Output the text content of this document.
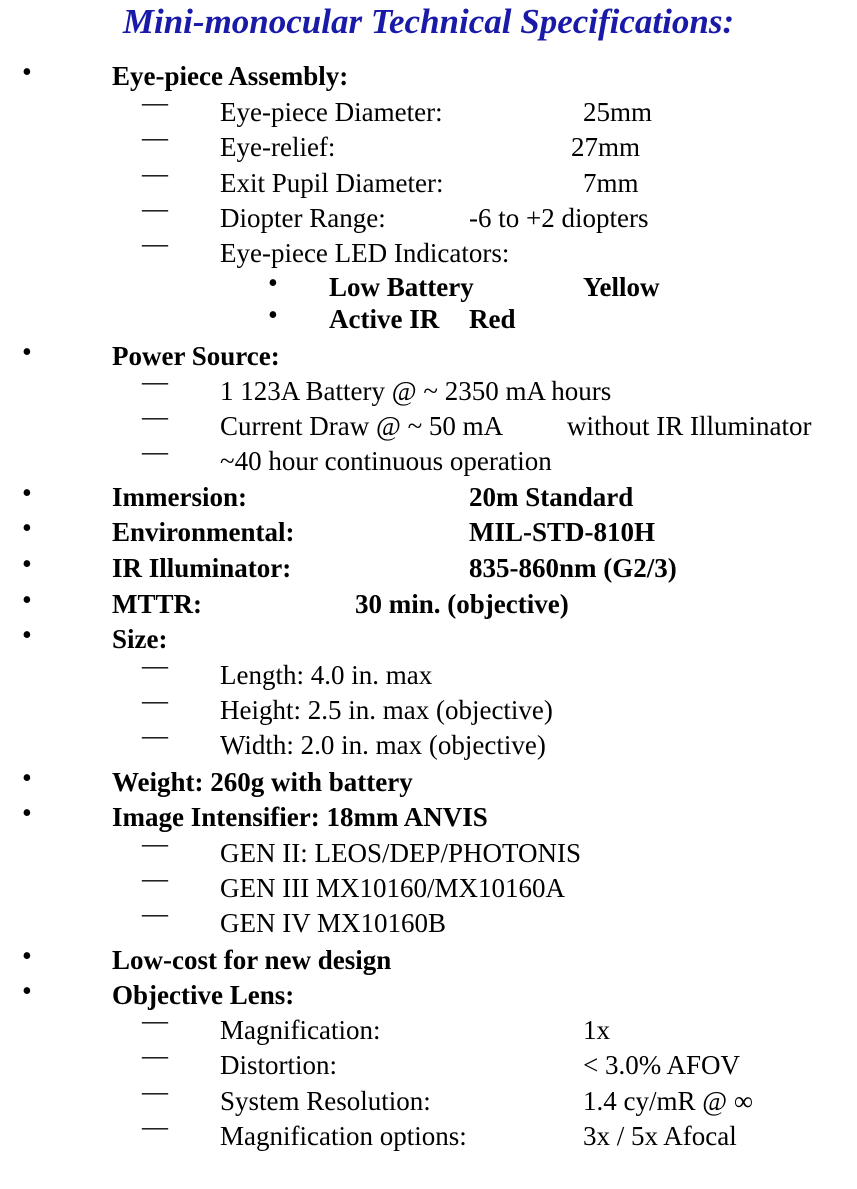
Mini-monocular Technical Specifications:
•	Eye-piece Assembly:
— Eye-piece Diameter:	25mm
— Eye-relief:	27mm
— Exit Pupil Diameter:	7mm
— Diopter Range:	-6 to +2 diopters
— Eye-piece LED Indicators:
• Low Battery	Yellow
• Active IR Red
•	Power Source:
— 1 123A Battery @ ~ 2350 mA hours
— Current Draw @ ~ 50 mA without IR Illuminator
— ~40 hour continuous operation
•	Immersion:	20m Standard
•	Environmental:	MIL-STD-810H
•	IR Illuminator:	835-860nm (G2/3)
•	MTTR:	30 min. (objective)
•	Size:
— Length: 4.0 in. max
— Height: 2.5 in. max (objective)
— Width: 2.0 in. max (objective)
•	Weight: 260g with battery
•	Image Intensifier: 18mm ANVIS
— GEN II: LEOS/DEP/PHOTONIS
— GEN III MX10160/MX10160A
— GEN IV MX10160B
•	Low-cost for new design
•	Objective Lens:
— Magnification:	1x
— Distortion:	< 3.0% AFOV
— System Resolution:	1.4 cy/mR @ ∞
— Magnification options:	3x / 5x Afocal
